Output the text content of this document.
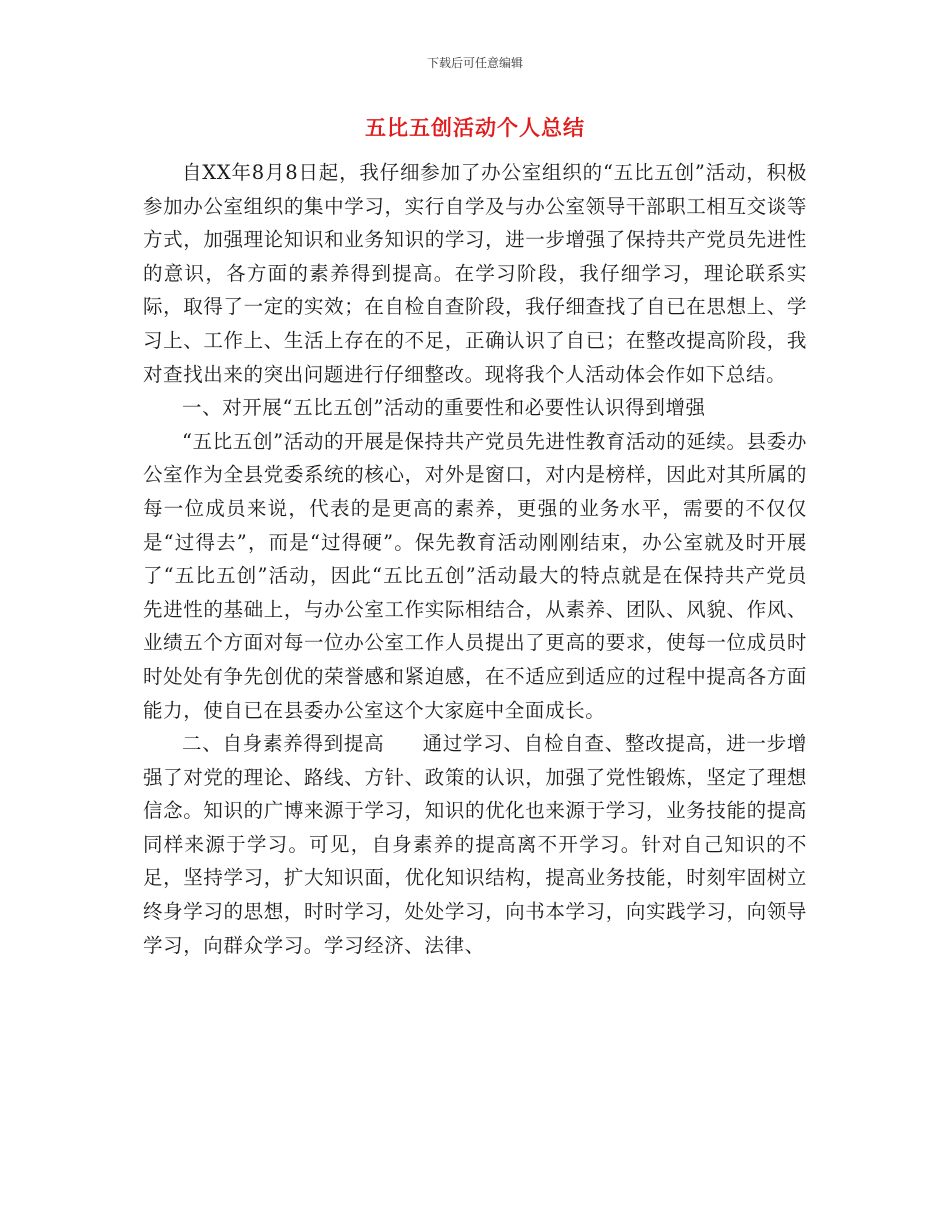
下载后可任意编辑
五比五创活动个人总结

自XX年8月8日起，我仔细参加了办公室组织的“五比五创”活动，积极参加办公室组织的集中学习，实行自学及与办公室领导干部职工相互交谈等方式，加强理论知识和业务知识的学习，进一步增强了保持共产党员先进性的意识，各方面的素养得到提高。在学习阶段，我仔细学习，理论联系实际，取得了一定的实效；在自检自查阶段，我仔细查找了自已在思想上、学习上、工作上、生活上存在的不足，正确认识了自已；在整改提高阶段，我对查找出来的突出问题进行仔细整改。现将我个人活动体会作如下总结。

一、对开展“五比五创”活动的重要性和必要性认识得到增强

“五比五创”活动的开展是保持共产党员先进性教育活动的延续。县委办公室作为全县党委系统的核心，对外是窗口，对内是榜样，因此对其所属的每一位成员来说，代表的是更高的素养，更强的业务水平，需要的不仅仅是“过得去”，而是“过得硬”。保先教育活动刚刚结束，办公室就及时开展了“五比五创”活动，因此“五比五创”活动最大的特点就是在保持共产党员先进性的基础上，与办公室工作实际相结合，从素养、团队、风貌、作风、业绩五个方面对每一位办公室工作人员提出了更高的要求，使每一位成员时时处处有争先创优的荣誉感和紧迫感，在不适应到适应的过程中提高各方面能力，使自已在县委办公室这个大家庭中全面成长。

二、自身素养得到提高 通过学习、自检自查、整改提高，进一步增强了对党的理论、路线、方针、政策的认识，加强了党性锻炼，坚定了理想信念。知识的广博来源于学习，知识的优化也来源于学习，业务技能的提高同样来源于学习。可见，自身素养的提高离不开学习。针对自己知识的不足，坚持学习，扩大知识面，优化知识结构，提高业务技能，时刻牢固树立终身学习的思想，时时学习，处处学习，向书本学习，向实践学习，向领导学习，向群众学习。学习经济、法律、
